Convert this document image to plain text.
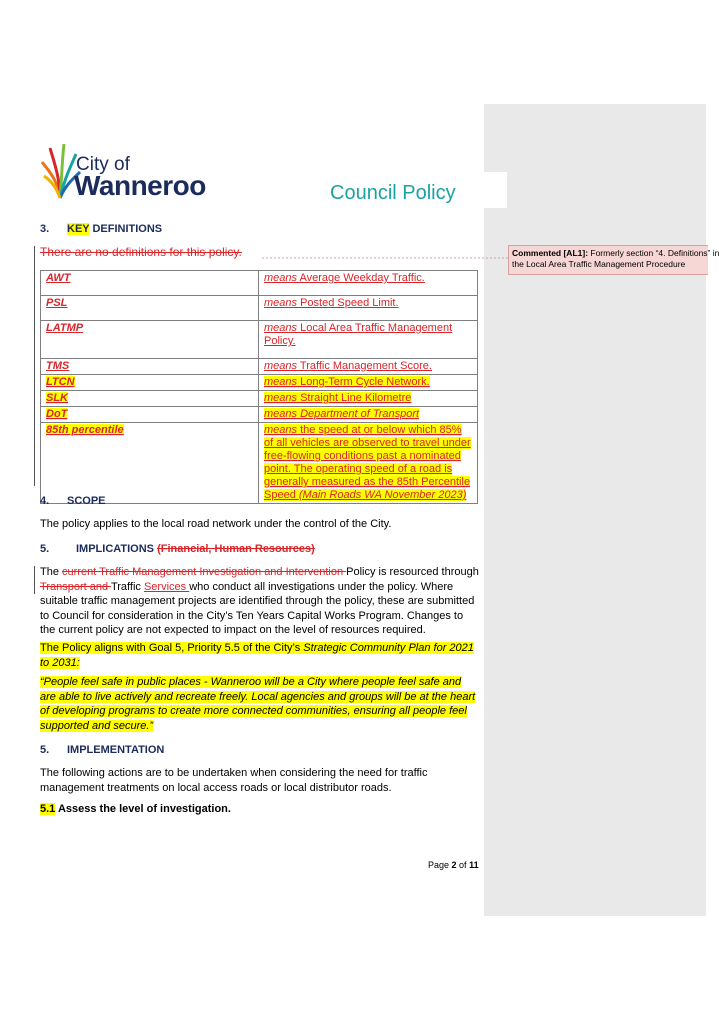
City of
Wanneroo	Council Policy
3. KEY DEFINITIONS
There are no definitions for this policy.
AWT	means Average Weekday Traffic.
PSL	means Posted Speed Limit.
LATMP	means Local Area Traffic Management Policy.
TMS	means Traffic Management Score.
LTCN	means Long-Term Cycle Network.
SLK	means Straight Line Kilometre
DoT	means Department of Transport
85th percentile	means the speed at or below which 85% of all vehicles are observed to travel under free-flowing conditions past a nominated point. The operating speed of a road is generally measured as the 85th Percentile Speed (Main Roads WA November 2023)
4. SCOPE
The policy applies to the local road network under the control of the City.
5. IMPLICATIONS (Financial, Human Resources)
The current Traffic Management Investigation and Intervention Policy is resourced through Transport and Traffic Services who conduct all investigations under the policy. Where suitable traffic management projects are identified through the policy, these are submitted to Council for consideration in the City’s Ten Years Capital Works Program. Changes to the current policy are not expected to impact on the level of resources required.
The Policy aligns with Goal 5, Priority 5.5 of the City’s Strategic Community Plan for 2021 to 2031:
“People feel safe in public places - Wanneroo will be a City where people feel safe and are able to live actively and recreate freely. Local agencies and groups will be at the heart of developing programs to create more connected communities, ensuring all people feel supported and secure.”
5. IMPLEMENTATION
The following actions are to be undertaken when considering the need for traffic management treatments on local access roads or local distributor roads.
5.1 Assess the level of investigation.
Page 2 of 11
Commented [AL1]: Formerly section “4. Definitions” in
the Local Area Traffic Management Procedure
